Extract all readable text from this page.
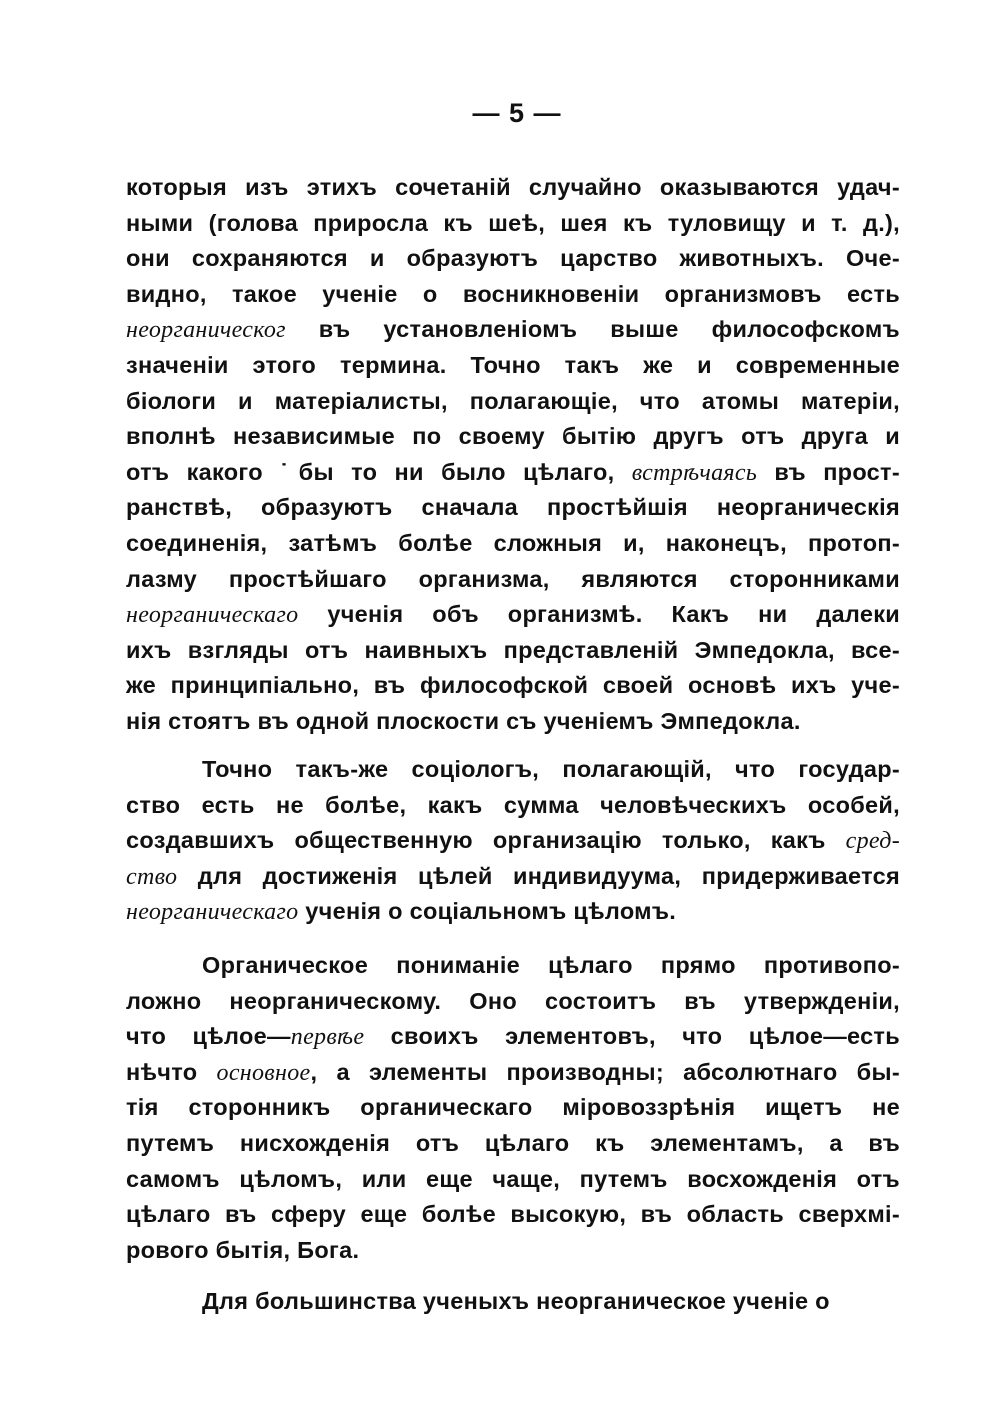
— 5 —
которыя изъ этихъ сочетаній случайно оказываются удач-
ными (голова приросла къ шеѣ, шея къ туловищу и т. д.),
они сохраняются и образуютъ царство животныхъ. Оче-
видно, такое ученіе о восникновеніи организмовъ есть
неорганическог въ установленіомъ выше философскомъ
значеніи этого термина. Точно такъ же и современные
біологи и матеріалисты, полагающіе, что атомы матеріи,
вполнѣ независимые по своему бытію другъ отъ друга и
отъ какого ˙бы то ни было цѣлаго, встрѣчаясь въ прост-
ранствѣ, образуютъ сначала простѣйшія неорганическія
соединенія, затѣмъ болѣе сложныя и, наконецъ, протоп-
лазму простѣйшаго организма, являются сторонниками
неорганическаго ученія объ организмѣ. Какъ ни далеки
ихъ взгляды отъ наивныхъ представленій Эмпедокла, все-
же принципіально, въ философской своей основѣ ихъ уче-
нія стоятъ въ одной плоскости съ ученіемъ Эмпедокла.
Точно такъ-же соціологъ, полагающій, что государ-
ство есть не болѣе, какъ сумма человѣческихъ особей,
создавшихъ общественную организацію только, какъ сред-
ство для достиженія цѣлей индивидуума, придерживается
неорганическаго ученія о соціальномъ цѣломъ.
Органическое пониманіе цѣлаго прямо противопо-
ложно неорганическому. Оно состоитъ въ утвержденіи,
что цѣлое—первѣе своихъ элементовъ, что цѣлое—есть
нѣчто основное, а элементы производны; абсолютнаго бы-
тія сторонникъ органическаго міровоззрѣнія ищетъ не
путемъ нисхожденія отъ цѣлаго къ элементамъ, а въ
самомъ цѣломъ, или еще чаще, путемъ восхожденія отъ
цѣлаго въ сферу еще болѣе высокую, въ область сверхмі-
рового бытія, Бога.
Для большинства ученыхъ неорганическое ученіе о
